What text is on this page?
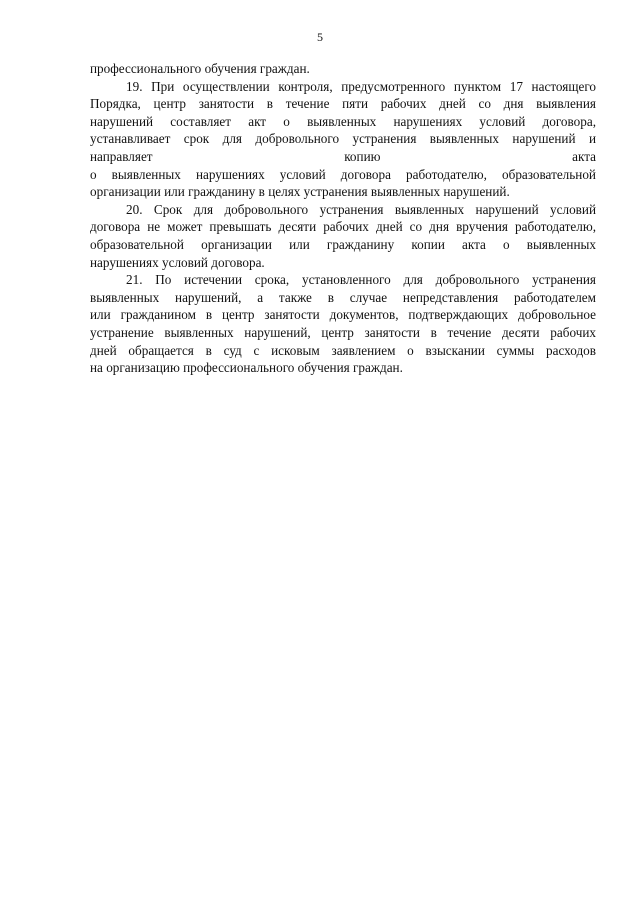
5
профессионального обучения граждан.
19. При осуществлении контроля, предусмотренного пунктом 17 настоящего
Порядка, центр занятости в течение пяти рабочих дней со дня выявления
нарушений составляет акт о выявленных нарушениях условий договора,
устанавливает срок для добровольного устранения выявленных нарушений и
направляет копию акта
о выявленных нарушениях условий договора работодателю, образовательной
организации или гражданину в целях устранения выявленных нарушений.
20. Срок для добровольного устранения выявленных нарушений условий
договора не может превышать десяти рабочих дней со дня вручения работодателю,
образовательной организации или гражданину копии акта о выявленных
нарушениях условий договора.
21. По истечении срока, установленного для добровольного устранения
выявленных нарушений, а также в случае непредставления работодателем
или гражданином в центр занятости документов, подтверждающих добровольное
устранение выявленных нарушений, центр занятости в течение десяти рабочих
дней обращается в суд с исковым заявлением о взыскании суммы расходов
на организацию профессионального обучения граждан.
